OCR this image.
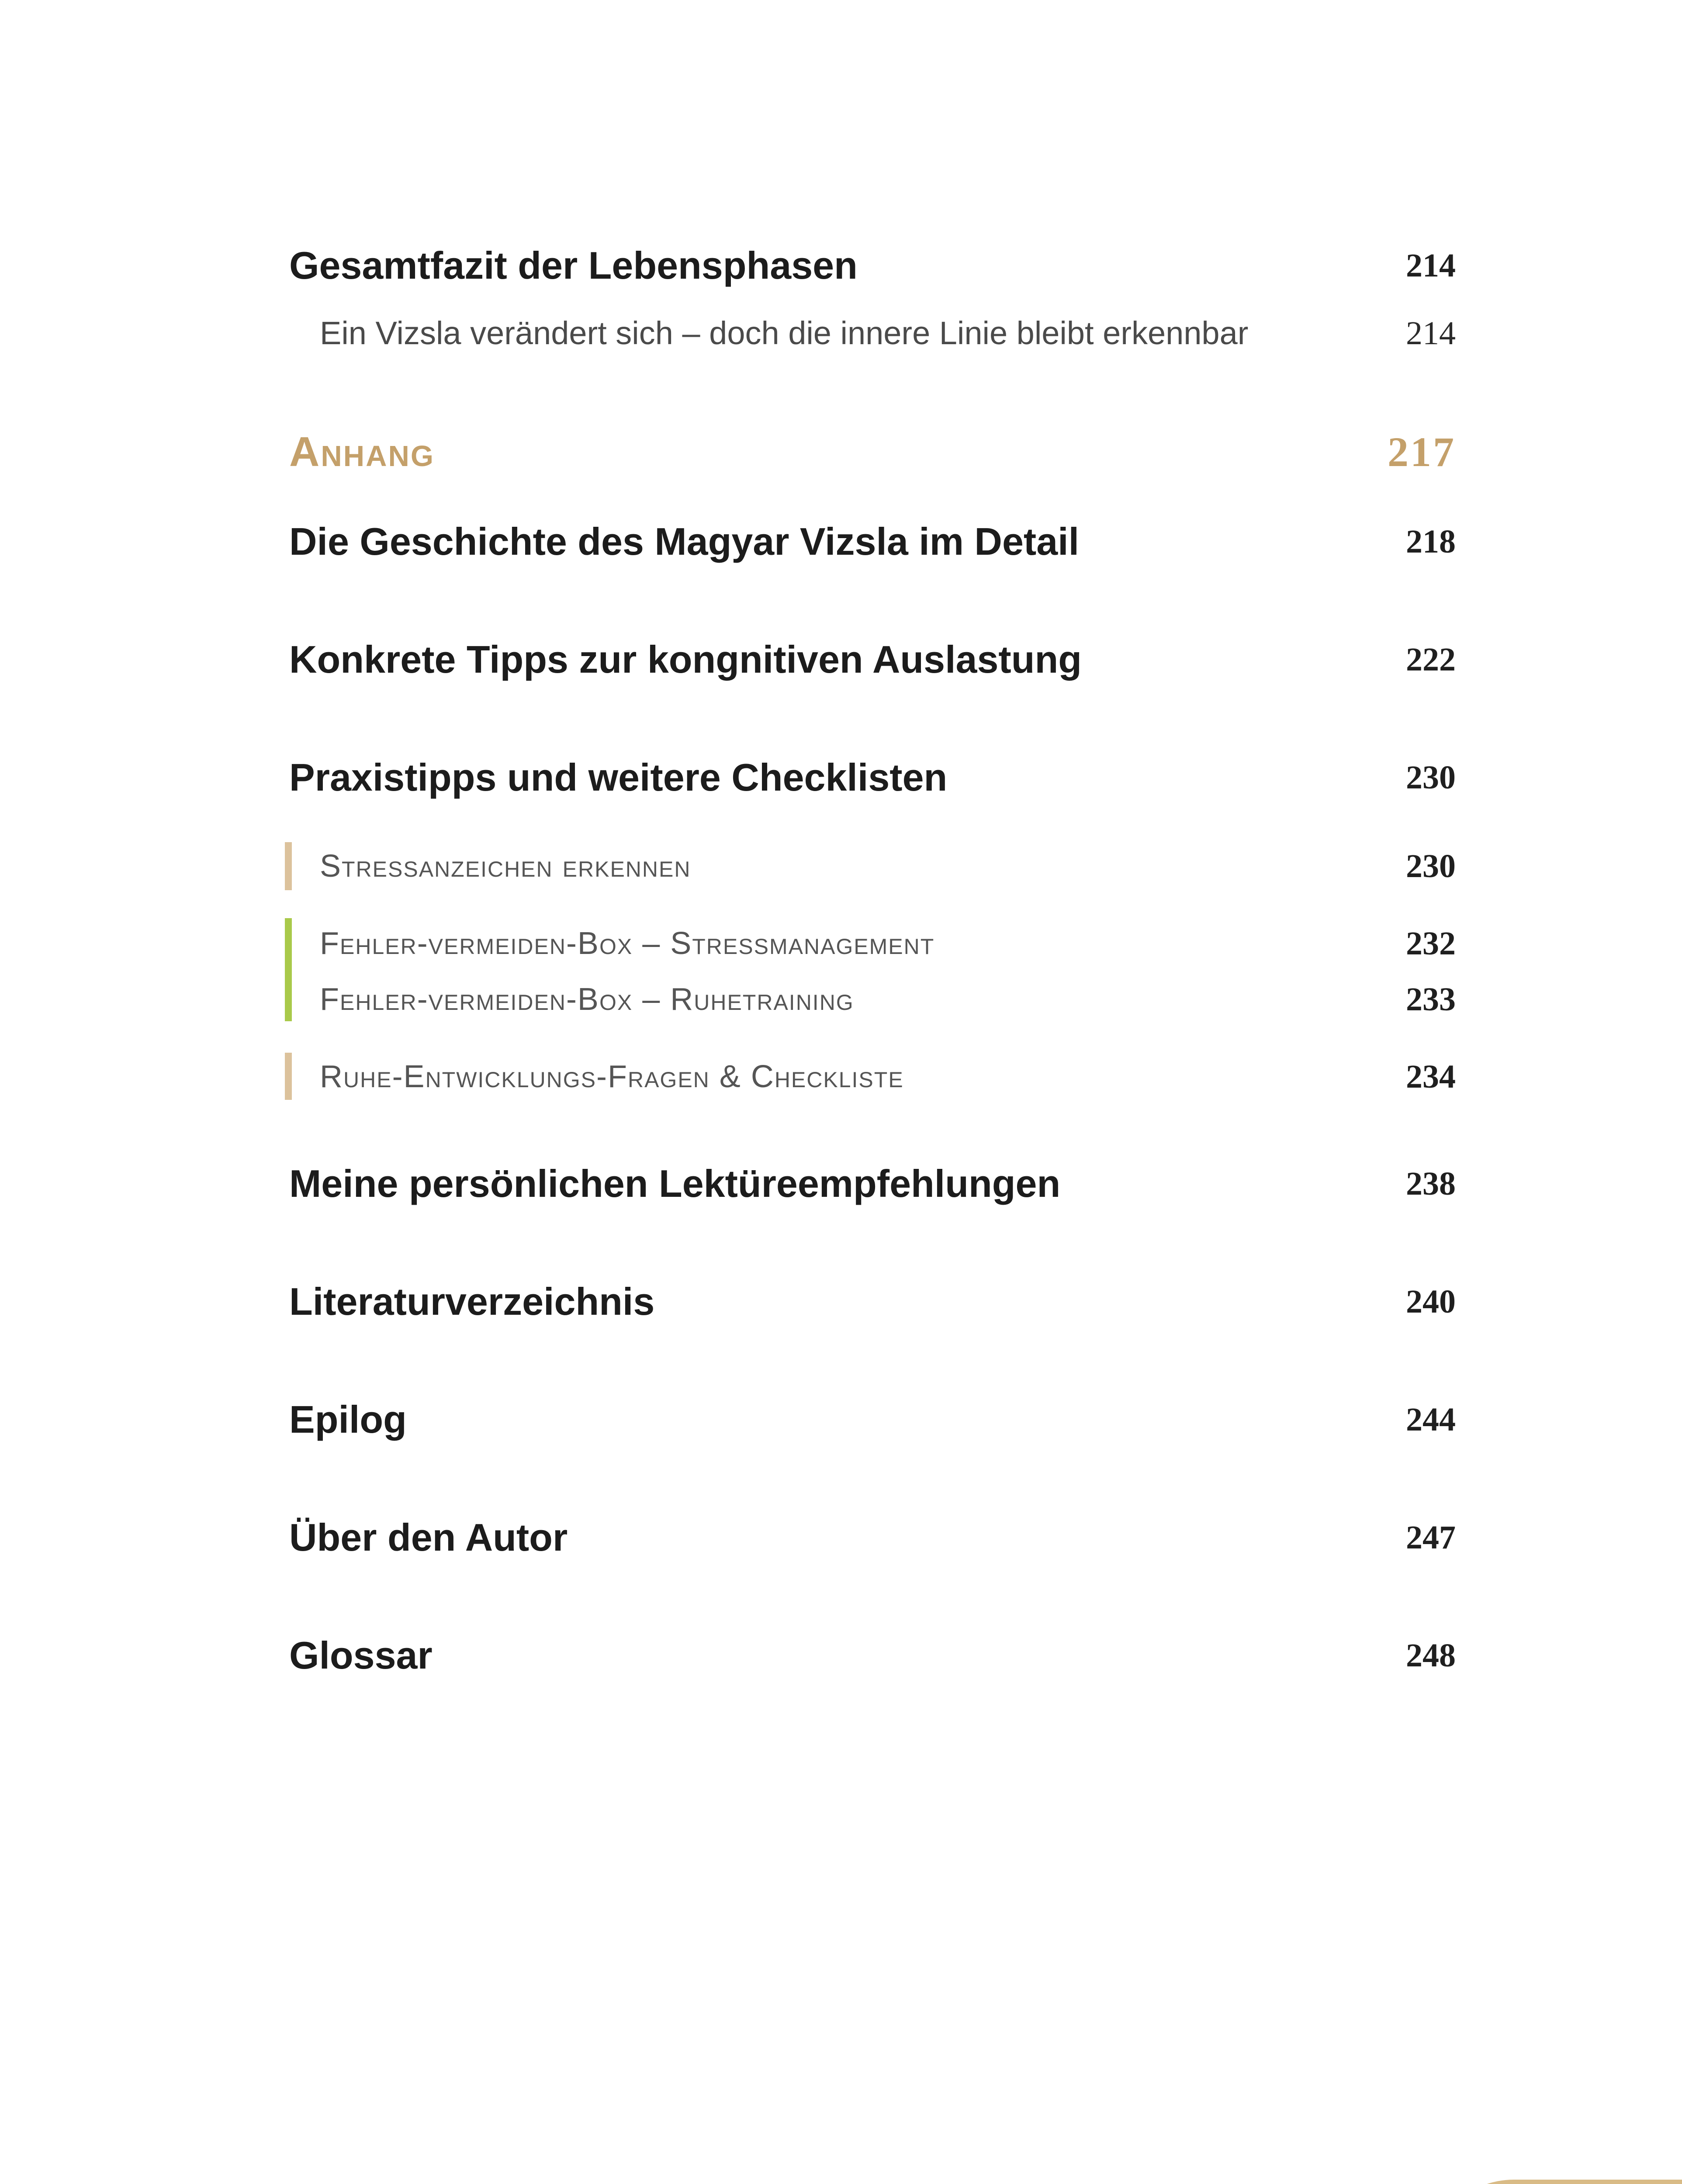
Gesamtfazit der Lebensphasen	214
Ein Vizsla verändert sich – doch die innere Linie bleibt erkennbar	214
Anhang	217
Die Geschichte des Magyar Vizsla im Detail	218
Konkrete Tipps zur kongnitiven Auslastung	222
Praxistipps und weitere Checklisten	230
Stressanzeichen erkennen	230
Fehler-vermeiden-Box – Stressmanagement	232
Fehler-vermeiden-Box – Ruhetraining	233
Ruhe-Entwicklungs-Fragen & Checkliste	234
Meine persönlichen Lektüreempfehlungen	238
Literaturverzeichnis	240
Epilog	244
Über den Autor	247
Glossar	248
